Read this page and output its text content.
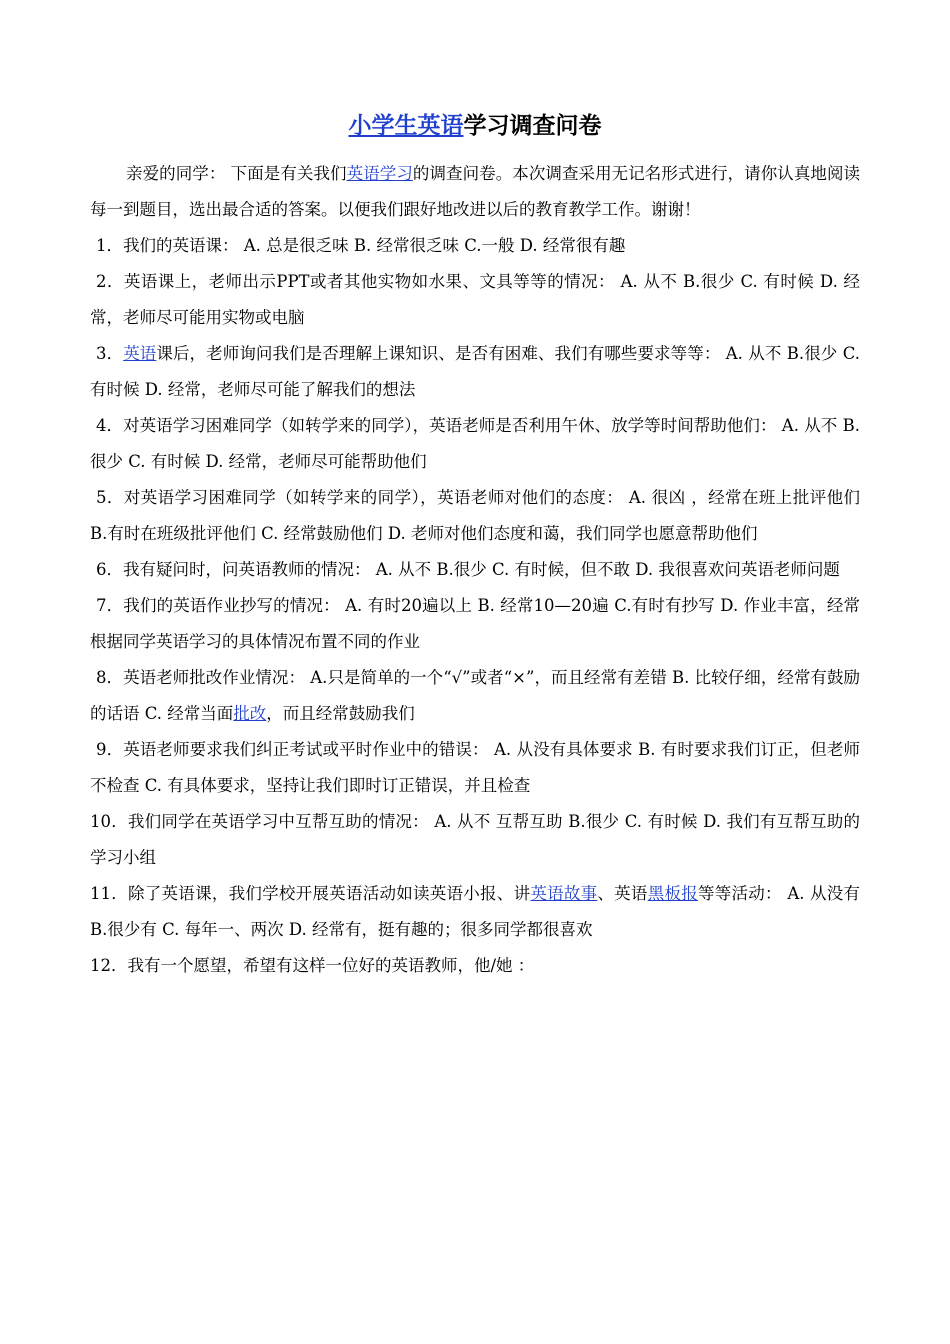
小学生英语学习调查问卷

亲爱的同学： 下面是有关我们英语学习的调查问卷。本次调查采用无记名形式进行，请你认真地阅读每一到题目，选出最合适的答案。以便我们跟好地改进以后的教育教学工作。谢谢！

1．我们的英语课： A. 总是很乏味 B. 经常很乏味 C.一般 D. 经常很有趣

2．英语课上，老师出示PPT或者其他实物如水果、文具等等的情况： A. 从不 B.很少 C. 有时候 D. 经常，老师尽可能用实物或电脑

3．英语课后，老师询问我们是否理解上课知识、是否有困难、我们有哪些要求等等： A. 从不 B.很少 C. 有时候 D. 经常，老师尽可能了解我们的想法

4．对英语学习困难同学（如转学来的同学），英语老师是否利用午休、放学等时间帮助他们： A. 从不 B.很少 C. 有时候 D. 经常，老师尽可能帮助他们

5．对英语学习困难同学（如转学来的同学），英语老师对他们的态度： A. 很凶 ，经常在班上批评他们 B.有时在班级批评他们 C. 经常鼓励他们 D. 老师对他们态度和蔼，我们同学也愿意帮助他们

6．我有疑问时，问英语教师的情况： A. 从不 B.很少 C. 有时候，但不敢 D. 我很喜欢问英语老师问题

7．我们的英语作业抄写的情况： A. 有时20遍以上 B. 经常10—20遍 C.有时有抄写 D. 作业丰富，经常根据同学英语学习的具体情况布置不同的作业

8．英语老师批改作业情况： A.只是简单的一个“√”或者“×”，而且经常有差错 B. 比较仔细，经常有鼓励的话语 C. 经常当面批改，而且经常鼓励我们

9．英语老师要求我们纠正考试或平时作业中的错误： A. 从没有具体要求 B. 有时要求我们订正，但老师不检查 C. 有具体要求，坚持让我们即时订正错误，并且检查

10．我们同学在英语学习中互帮互助的情况： A. 从不 互帮互助 B.很少 C. 有时候 D. 我们有互帮互助的学习小组

11．除了英语课，我们学校开展英语活动如读英语小报、讲英语故事、英语黑板报等等活动： A. 从没有 B.很少有 C. 每年一、两次 D. 经常有，挺有趣的；很多同学都很喜欢

12．我有一个愿望，希望有这样一位好的英语教师，他/她 ：
